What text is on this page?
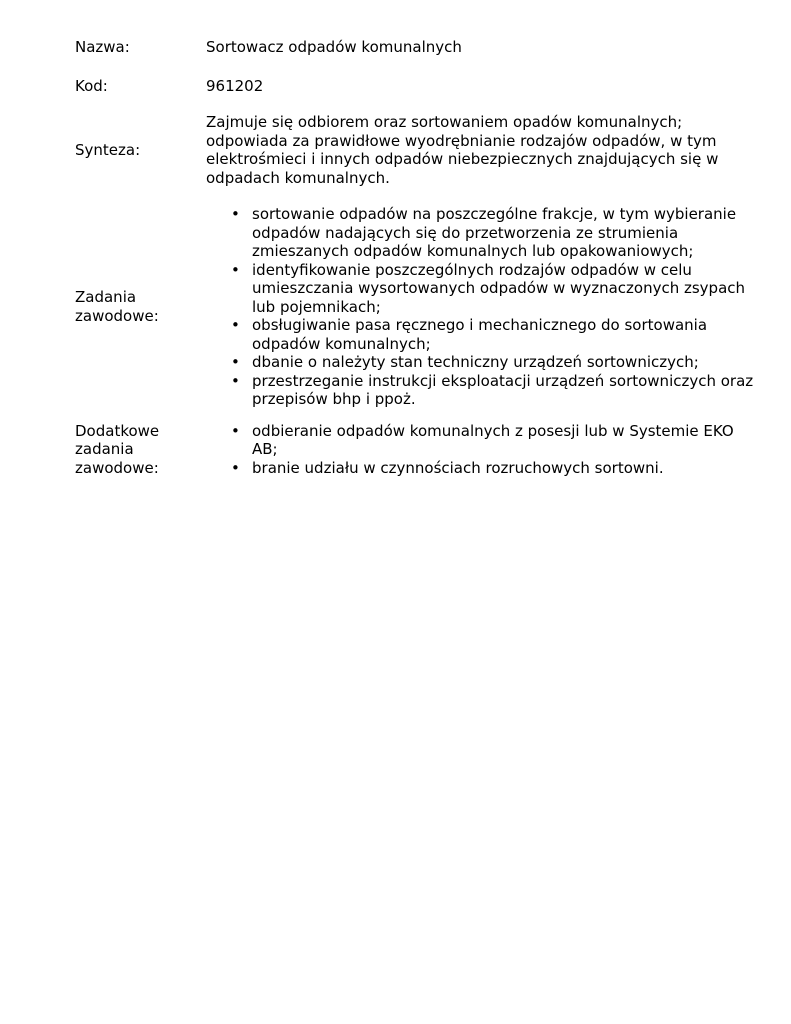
Nazwa:	Sortowacz odpadów komunalnych
Kod:	961202
Synteza:
Zajmuje się odbiorem oraz sortowaniem opadów komunalnych; odpowiada za prawidłowe wyodrębnianie rodzajów odpadów, w tym elektrośmieci i innych odpadów niebezpiecznych znajdujących się w odpadach komunalnych.
Zadania zawodowe:
• sortowanie odpadów na poszczególne frakcje, w tym wybieranie odpadów nadających się do przetworzenia ze strumienia zmieszanych odpadów komunalnych lub opakowaniowych;
• identyfikowanie poszczególnych rodzajów odpadów w celu umieszczania wysortowanych odpadów w wyznaczonych zsypach lub pojemnikach;
• obsługiwanie pasa ręcznego i mechanicznego do sortowania odpadów komunalnych;
• dbanie o należyty stan techniczny urządzeń sortowniczych;
• przestrzeganie instrukcji eksploatacji urządzeń sortowniczych oraz przepisów bhp i ppoż.
Dodatkowe zadania zawodowe:
• odbieranie odpadów komunalnych z posesji lub w Systemie EKO AB;
• branie udziału w czynnościach rozruchowych sortowni.
